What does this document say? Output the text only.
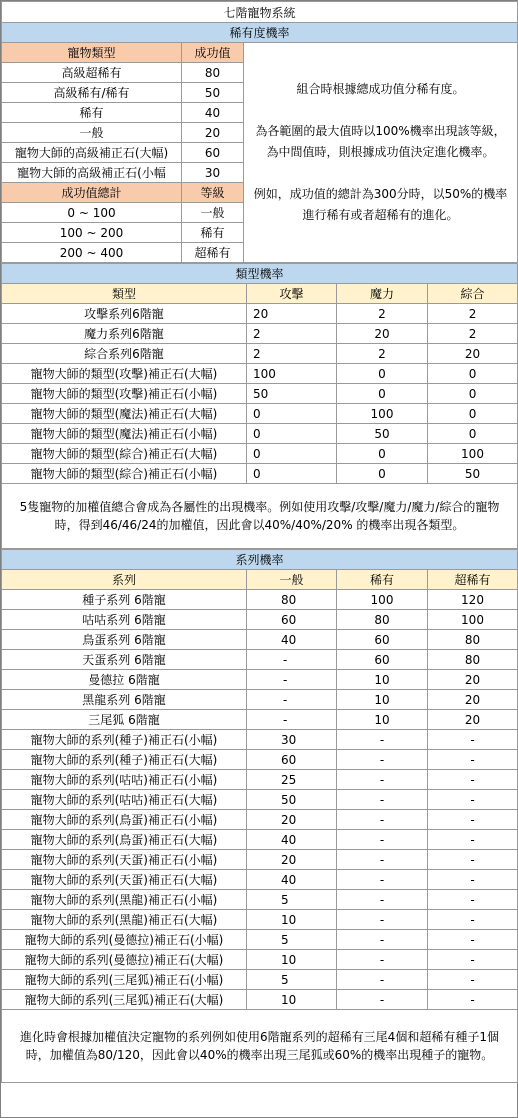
七階寵物系統		
稀有度機率		
寵物類型	成功值	組合時根據總成功值分稀有度。

為各範圍的最大值時以100%機率出現該等級，為中間值時，則根據成功值決定進化機率。

例如，成功值的總計為300分時，以50%的機率進行稀有或者超稀有的進化。

高級超稀有	80	
高級稀有/稀有	50	
稀有	40	
一般	20	
寵物大師的高級補正石(大幅)	60	
寵物大師的高級補正石(小幅	30	
成功值總計	等級	
0 ~ 100	一般	
100 ~ 200	稀有	
200 ~ 400	超稀有	
類型機率			
類型	攻擊	魔力	綜合
攻擊系列6階寵	20	2	2
魔力系列6階寵	2	20	2
綜合系列6階寵	2	2	20
寵物大師的類型(攻擊)補正石(大幅)	100	0	0
寵物大師的類型(攻擊)補正石(小幅)	50	0	0
寵物大師的類型(魔法)補正石(大幅)	0	100	0
寵物大師的類型(魔法)補正石(小幅)	0	50	0
寵物大師的類型(綜合)補正石(大幅)	0	0	100
寵物大師的類型(綜合)補正石(小幅)	0	0	50
5隻寵物的加權值總合會成為各屬性的出現機率。例如使用攻擊/攻擊/魔力/魔力/綜合的寵物時，得到46/46/24的加權值，因此會以40%/40%/20% 的機率出現各類型。			
系列機率			
系列	一般	稀有	超稀有
種子系列 6階寵	80	100	120
咕咕系列 6階寵	60	80	100
鳥蛋系列 6階寵	40	60	80
天蛋系列 6階寵	-	60	80
曼德拉 6階寵	-	10	20
黑龍系列 6階寵	-	10	20
三尾狐 6階寵	-	10	20
寵物大師的系列(種子)補正石(小幅)	30	-	-
寵物大師的系列(種子)補正石(大幅)	60	-	-
寵物大師的系列(咕咕)補正石(小幅)	25	-	-
寵物大師的系列(咕咕)補正石(大幅)	50	-	-
寵物大師的系列(鳥蛋)補正石(小幅)	20	-	-
寵物大師的系列(鳥蛋)補正石(大幅)	40	-	-
寵物大師的系列(天蛋)補正石(小幅)	20	-	-
寵物大師的系列(天蛋)補正石(大幅)	40	-	-
寵物大師的系列(黑龍)補正石(小幅)	5	-	-
寵物大師的系列(黑龍)補正石(大幅)	10	-	-
寵物大師的系列(曼德拉)補正石(小幅)	5	-	-
寵物大師的系列(曼德拉)補正石(大幅)	10	-	-
寵物大師的系列(三尾狐)補正石(小幅)	5	-	-
寵物大師的系列(三尾狐)補正石(大幅)	10	-	-
進化時會根據加權值決定寵物的系列例如使用6階寵系列的超稀有三尾4個和超稀有種子1個時，加權值為80/120，因此會以40%的機率出現三尾狐或60%的機率出現種子的寵物。			
